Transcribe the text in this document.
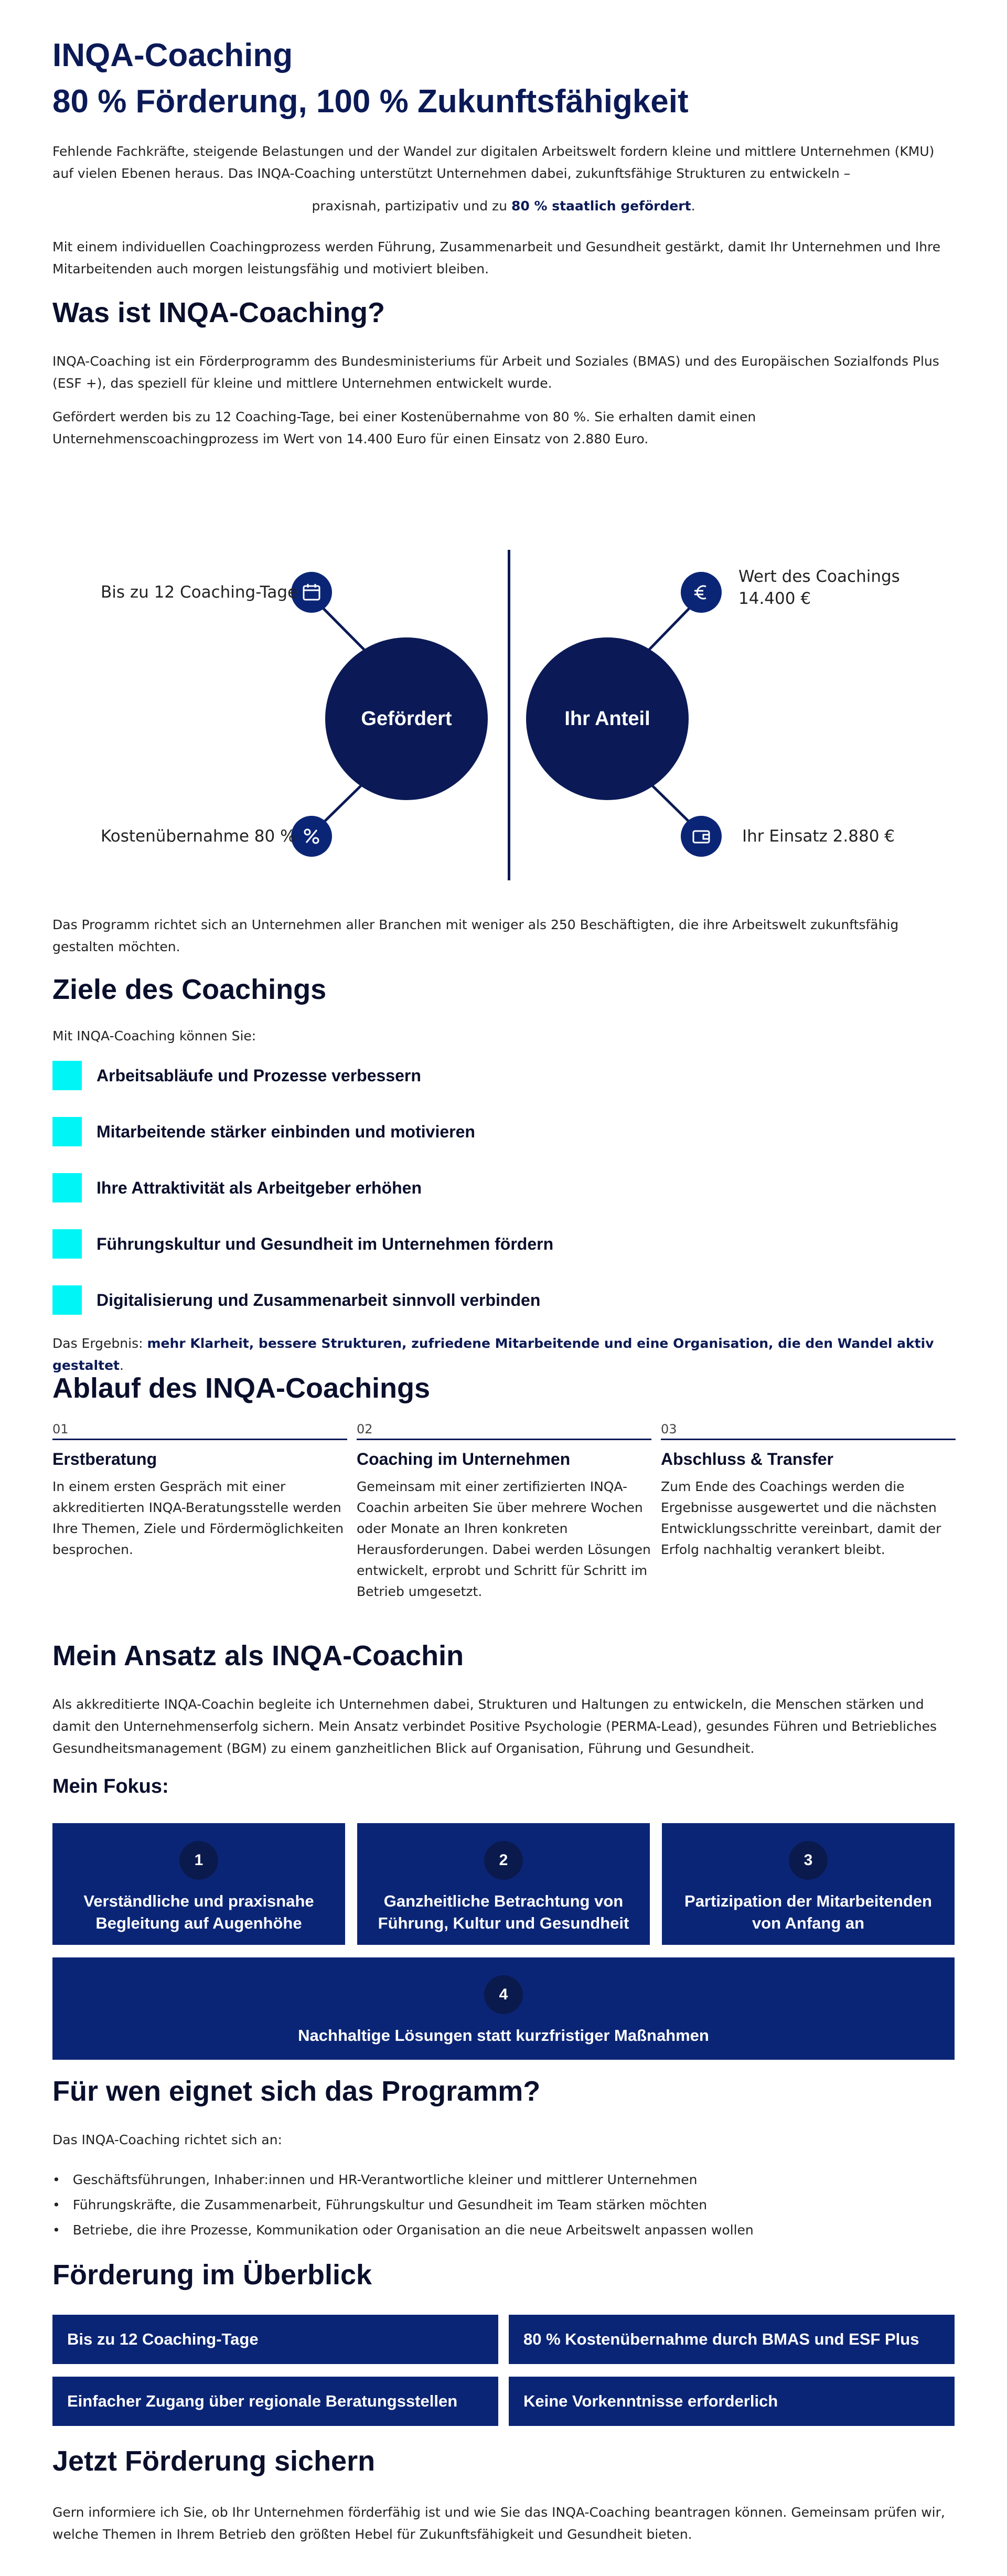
INQA-Coaching
80 % Förderung, 100 % Zukunftsfähigkeit

Fehlende Fachkräfte, steigende Belastungen und der Wandel zur digitalen Arbeitswelt fordern kleine und mittlere Unternehmen (KMU) auf vielen Ebenen heraus. Das INQA-Coaching unterstützt Unternehmen dabei, zukunftsfähige Strukturen zu entwickeln –

praxisnah, partizipativ und zu 80 % staatlich gefördert.

Mit einem individuellen Coachingprozess werden Führung, Zusammenarbeit und Gesundheit gestärkt, damit Ihr Unternehmen und Ihre Mitarbeitenden auch morgen leistungsfähig und motiviert bleiben.

Was ist INQA-Coaching?

INQA-Coaching ist ein Förderprogramm des Bundesministeriums für Arbeit und Soziales (BMAS) und des Europäischen Sozialfonds Plus (ESF +), das speziell für kleine und mittlere Unternehmen entwickelt wurde.

Gefördert werden bis zu 12 Coaching-Tage, bei einer Kostenübernahme von 80 %. Sie erhalten damit einen Unternehmenscoachingprozess im Wert von 14.400 Euro für einen Einsatz von 2.880 Euro.

Gefördert	Ihr Anteil
Bis zu 12 Coaching-Tage
Kostenübernahme 80 %
Wert des Coachings
14.400 €
Ihr Einsatz 2.880 €

Das Programm richtet sich an Unternehmen aller Branchen mit weniger als 250 Beschäftigten, die ihre Arbeitswelt zukunftsfähig gestalten möchten.

Ziele des Coachings

Mit INQA-Coaching können Sie:

Arbeitsabläufe und Prozesse verbessern
Mitarbeitende stärker einbinden und motivieren
Ihre Attraktivität als Arbeitgeber erhöhen
Führungskultur und Gesundheit im Unternehmen fördern
Digitalisierung und Zusammenarbeit sinnvoll verbinden

Das Ergebnis: mehr Klarheit, bessere Strukturen, zufriedene Mitarbeitende und eine Organisation, die den Wandel aktiv gestaltet.

Ablauf des INQA-Coachings
01
Erstberatung
In einem ersten Gespräch mit einer akkreditierten INQA-Beratungsstelle werden Ihre Themen, Ziele und Fördermöglichkeiten besprochen.
02
Coaching im Unternehmen
Gemeinsam mit einer zertifizierten INQA-Coachin arbeiten Sie über mehrere Wochen oder Monate an Ihren konkreten Herausforderungen. Dabei werden Lösungen entwickelt, erprobt und Schritt für Schritt im Betrieb umgesetzt.
03
Abschluss & Transfer
Zum Ende des Coachings werden die Ergebnisse ausgewertet und die nächsten Entwicklungsschritte vereinbart, damit der Erfolg nachhaltig verankert bleibt.
Mein Ansatz als INQA-Coachin

Als akkreditierte INQA-Coachin begleite ich Unternehmen dabei, Strukturen und Haltungen zu entwickeln, die Menschen stärken und damit den Unternehmenserfolg sichern. Mein Ansatz verbindet Positive Psychologie (PERMA-Lead), gesundes Führen und Betriebliches Gesundheitsmanagement (BGM) zu einem ganzheitlichen Blick auf Organisation, Führung und Gesundheit.

Mein Fokus:
1
Verständliche und praxisnahe
Begleitung auf Augenhöhe
2
Ganzheitliche Betrachtung von
Führung, Kultur und Gesundheit
3
Partizipation der Mitarbeitenden
von Anfang an
4
Nachhaltige Lösungen statt kurzfristiger Maßnahmen
Für wen eignet sich das Programm?

Das INQA-Coaching richtet sich an:

• Geschäftsführungen, Inhaber:innen und HR-Verantwortliche kleiner und mittlerer Unternehmen
• Führungskräfte, die Zusammenarbeit, Führungskultur und Gesundheit im Team stärken möchten
• Betriebe, die ihre Prozesse, Kommunikation oder Organisation an die neue Arbeitswelt anpassen wollen
Förderung im Überblick
Bis zu 12 Coaching-Tage	80 % Kostenübernahme durch BMAS und ESF Plus
Einfacher Zugang über regionale Beratungsstellen	Keine Vorkenntnisse erforderlich
Jetzt Förderung sichern

Gern informiere ich Sie, ob Ihr Unternehmen förderfähig ist und wie Sie das INQA-Coaching beantragen können. Gemeinsam prüfen wir, welche Themen in Ihrem Betrieb den größten Hebel für Zukunftsfähigkeit und Gesundheit bieten.
